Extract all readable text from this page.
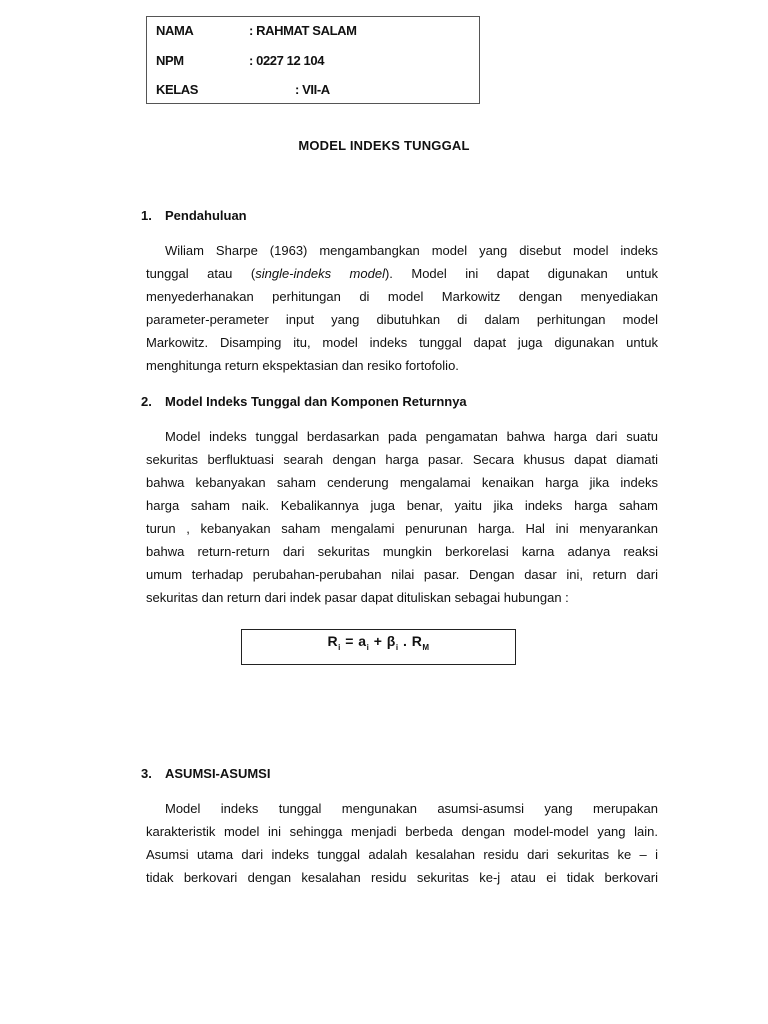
NAMA	: RAHMAT SALAM
NPM	: 0227 12 104
KELAS	: VII-A
MODEL INDEKS TUNGGAL
1. Pendahuluan
Wiliam Sharpe (1963) mengambangkan model yang disebut model indeks
tunggal atau (single-indeks model). Model ini dapat digunakan untuk
menyederhanakan perhitungan di model Markowitz dengan menyediakan
parameter-perameter input yang dibutuhkan di dalam perhitungan model
Markowitz. Disamping itu, model indeks tunggal dapat juga digunakan untuk
menghitunga return ekspektasian dan resiko fortofolio.
2. Model Indeks Tunggal dan Komponen Returnnya
Model indeks tunggal berdasarkan pada pengamatan bahwa harga dari suatu
sekuritas berfluktuasi searah dengan harga pasar. Secara khusus dapat diamati
bahwa kebanyakan saham cenderung mengalamai kenaikan harga jika indeks
harga saham naik. Kebalikannya juga benar, yaitu jika indeks harga saham
turun , kebanyakan saham mengalami penurunan harga. Hal ini menyarankan
bahwa return-return dari sekuritas mungkin berkorelasi karna adanya reaksi
umum terhadap perubahan-perubahan nilai pasar. Dengan dasar ini, return dari
sekuritas dan return dari indek pasar dapat dituliskan sebagai hubungan :
$R_i = a_i + \beta_i$ . $R_M$
3. ASUMSI-ASUMSI
Model indeks tunggal mengunakan asumsi-asumsi yang merupakan
karakteristik model ini sehingga menjadi berbeda dengan model-model yang lain.
Asumsi utama dari indeks tunggal adalah kesalahan residu dari sekuritas ke – i
tidak berkovari dengan kesalahan residu sekuritas ke-j atau ei tidak berkovari
